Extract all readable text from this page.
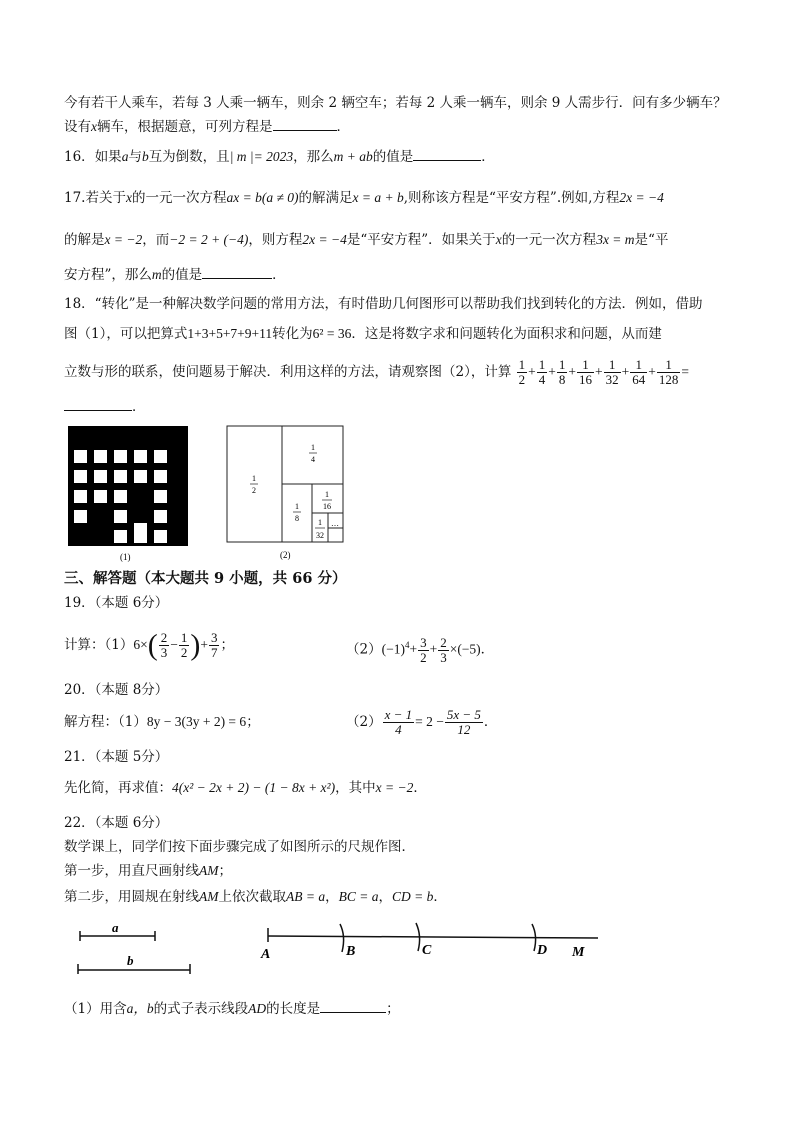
今有若干人乘车，若每 3 人乘一辆车，则余 2 辆空车；若每 2 人乘一辆车，则余 9 人需步行．问有多少辆车？
设有x辆车，根据题意，可列方程是	．
16．如果a与b互为倒数，且| m |= 2023，那么m + ab的值是	．
17.若关于x的一元一次方程ax = b(a ≠ 0)的解满足x = a + b,则称该方程是“平安方程”.例如,方程2x = −4
的解是x = −2，而−2 = 2 + (−4)，则方程2x = −4是“平安方程”．如果关于x的一元一次方程3x = m是“平
安方程”，那么m的值是	．
18．“转化”是一种解决数学问题的常用方法，有时借助几何图形可以帮助我们找到转化的方法．例如，借助
图（1），可以把算式1+3+5+7+9+11转化为6² = 36．这是将数字求和问题转化为面积求和问题，从而建
立数与形的联系，使问题易于解决．利用这样的方法，请观察图（2），计算 $\frac{1}{2} + \frac{1}{4} + \frac{1}{8} + \frac{1}{16} + \frac{1}{32} + \frac{1}{64} + \frac{1}{128}$ =
．
(1)
1
2
1
4
1
8
1
16
1
32
…
(2)
三、解答题（本大题共 9 小题，共 66 分）
19．（本题 6分）
计算：$(1)6\times( \frac{2}{3} - \frac{1}{2}$ )+ $\frac{3}{7}$ ；	$(2)(-1)^4+ \frac{3}{2} + \frac{2}{3} \times(-5)$．
20．（本题 8分）
解方程：（1）8y − 3(3y + 2) = 6；	$(2) \frac{x - 1}{4} = 2 - \frac{5x - 5}{12}$ ．
21．（本题 5分）
先化简，再求值：4(x² − 2x + 2) − (1 − 8x + x²)，其中x = −2．
22．（本题 6分）
数学课上，同学们按下面步骤完成了如图所示的尺规作图．
第一步，用直尺画射线AM；
第二步，用圆规在射线AM上依次截取AB = a，BC = a，CD = b．
a
b	A	B	C	D M
（1）用含a，b的式子表示线段AD的长度是	；
